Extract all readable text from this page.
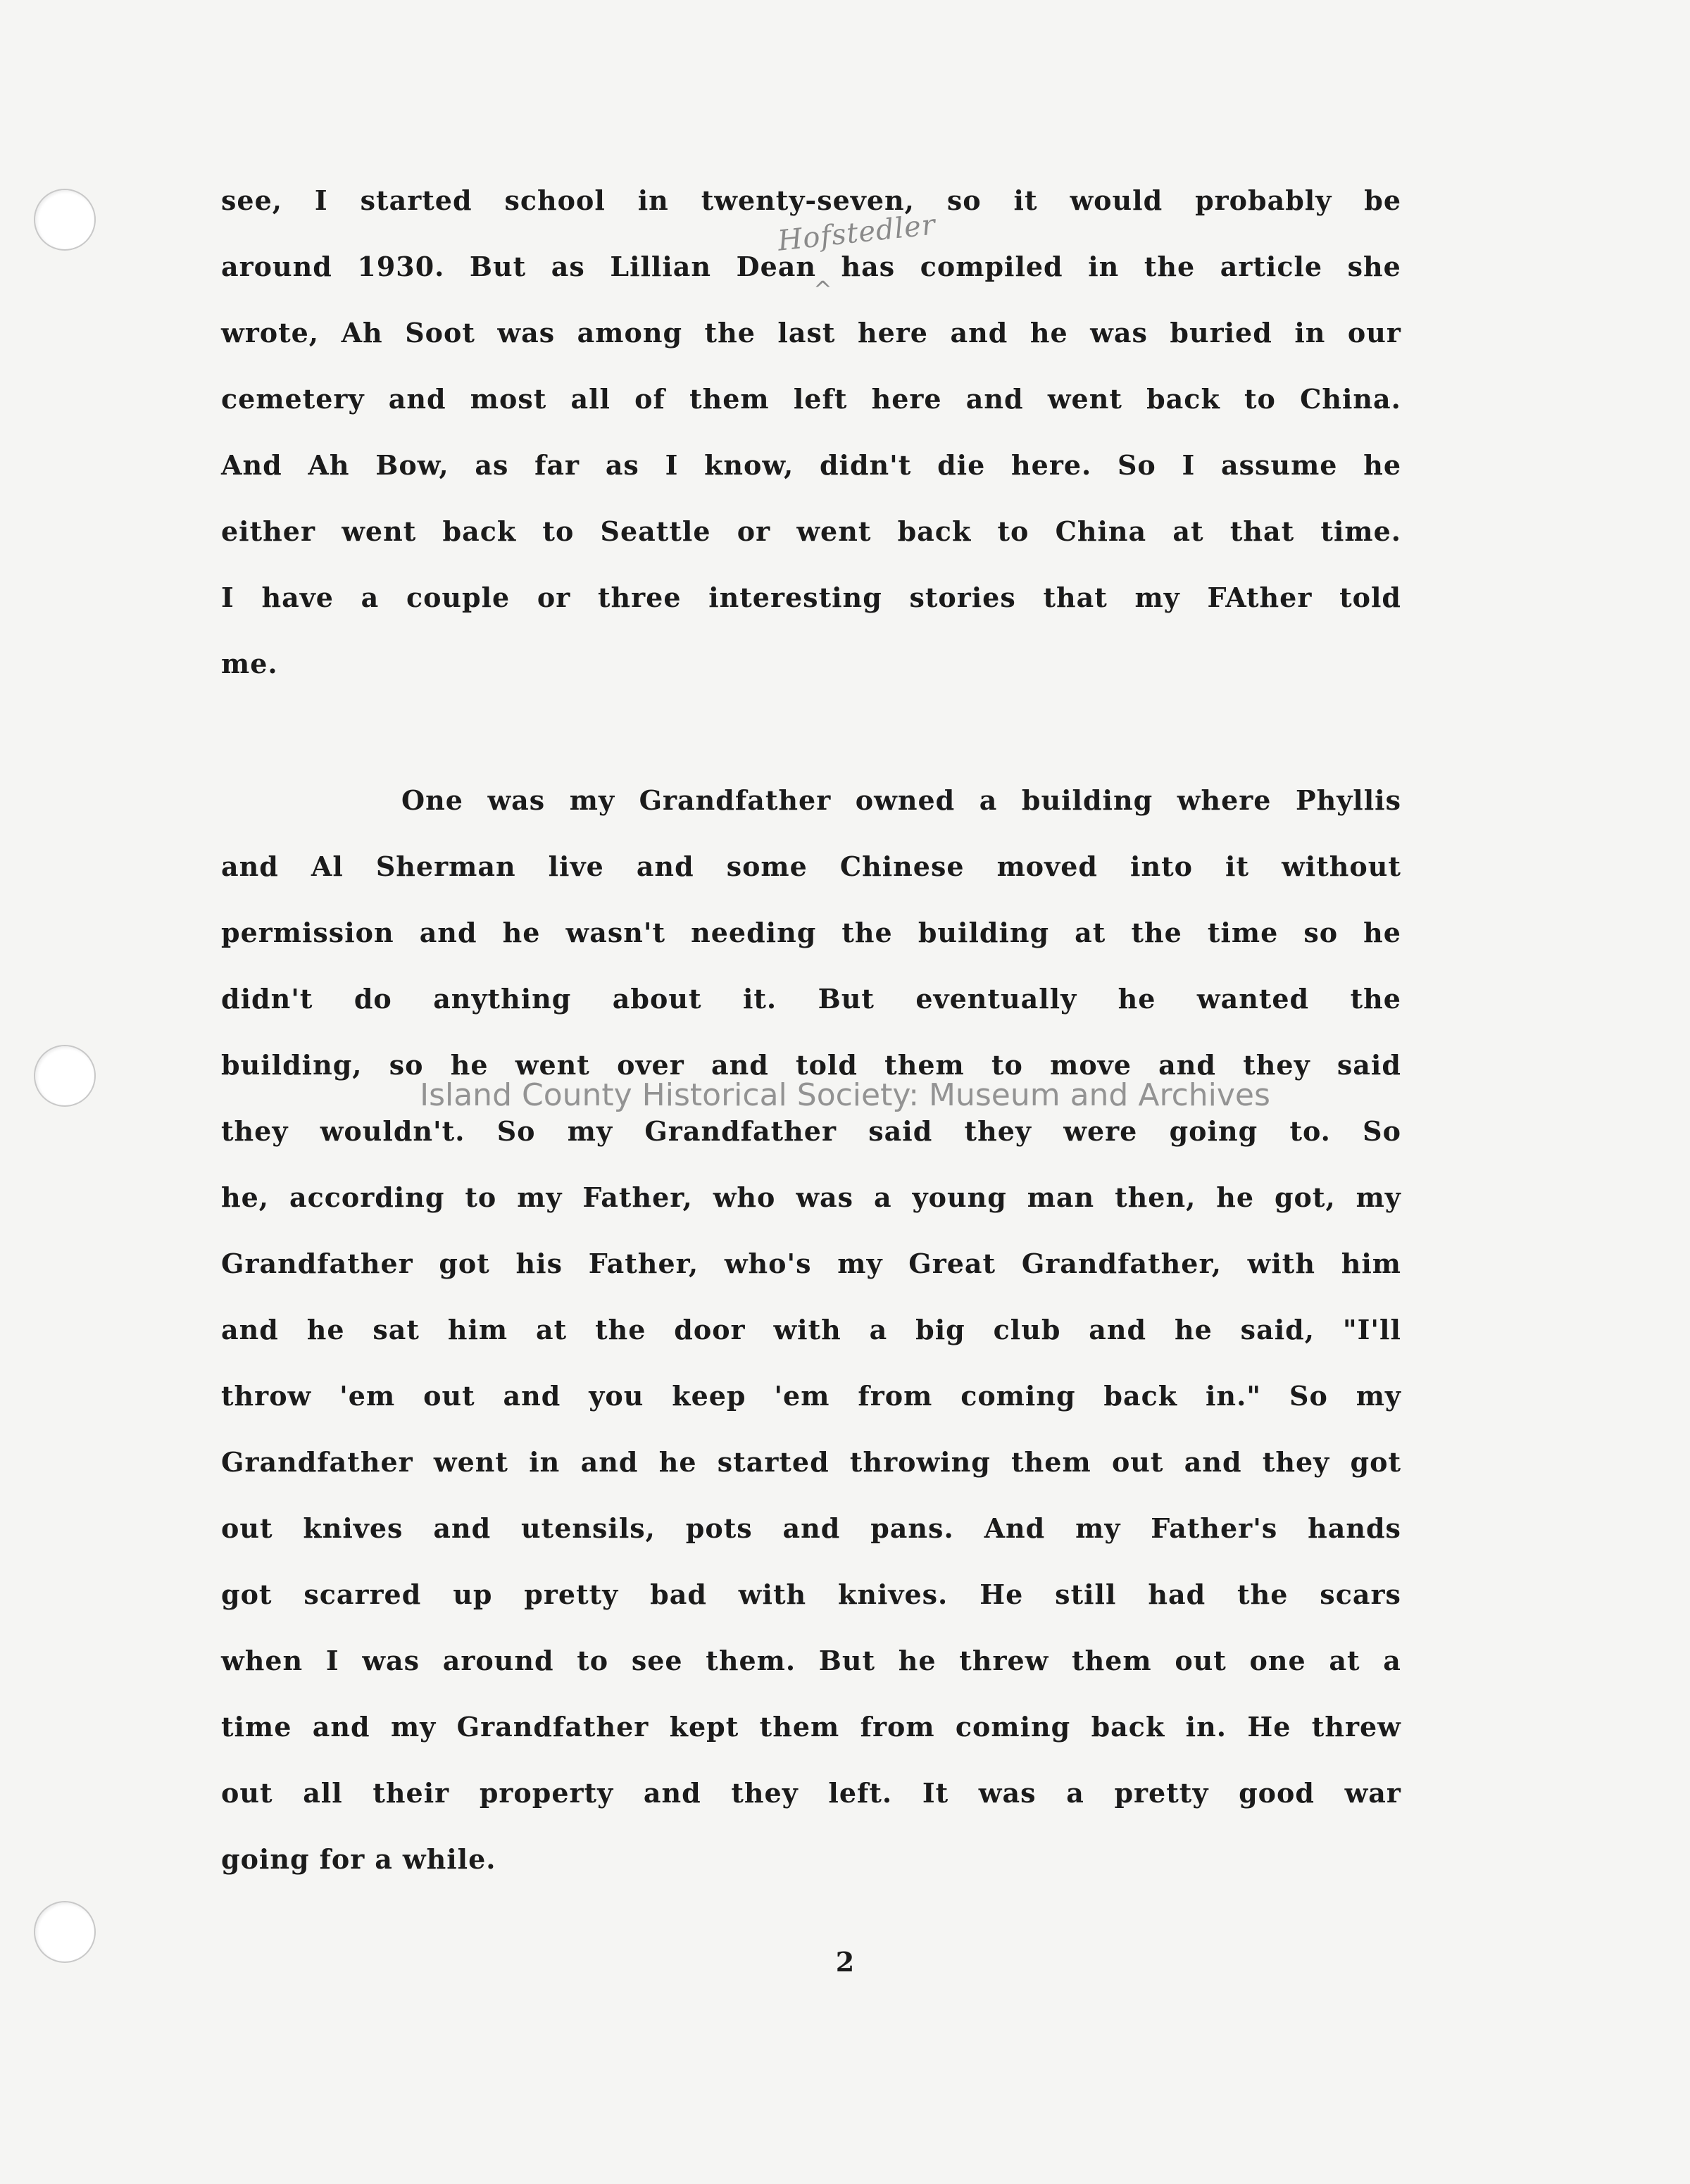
Hofstedler
^
see, I started school in twenty-seven, so it would probably be
around 1930. But as Lillian Dean has compiled in the article she
wrote, Ah Soot was among the last here and he was buried in our
cemetery and most all of them left here and went back to China.
And Ah Bow, as far as I know, didn't die here. So I assume he
either went back to Seattle or went back to China at that time.
I have a couple or three interesting stories that my FAther told
me.
One was my Grandfather owned a building where Phyllis
and Al Sherman live and some Chinese moved into it without
permission and he wasn't needing the building at the time so he
didn't do anything about it. But eventually he wanted the
building, so he went over and told them to move and they said
they wouldn't. So my Grandfather said they were going to. So
he, according to my Father, who was a young man then, he got, my
Grandfather got his Father, who's my Great Grandfather, with him
and he sat him at the door with a big club and he said, "I'll
throw 'em out and you keep 'em from coming back in." So my
Grandfather went in and he started throwing them out and they got
out knives and utensils, pots and pans. And my Father's hands
got scarred up pretty bad with knives. He still had the scars
when I was around to see them. But he threw them out one at a
time and my Grandfather kept them from coming back in. He threw
out all their property and they left. It was a pretty good war
going for a while.
Island County Historical Society: Museum and Archives
2
